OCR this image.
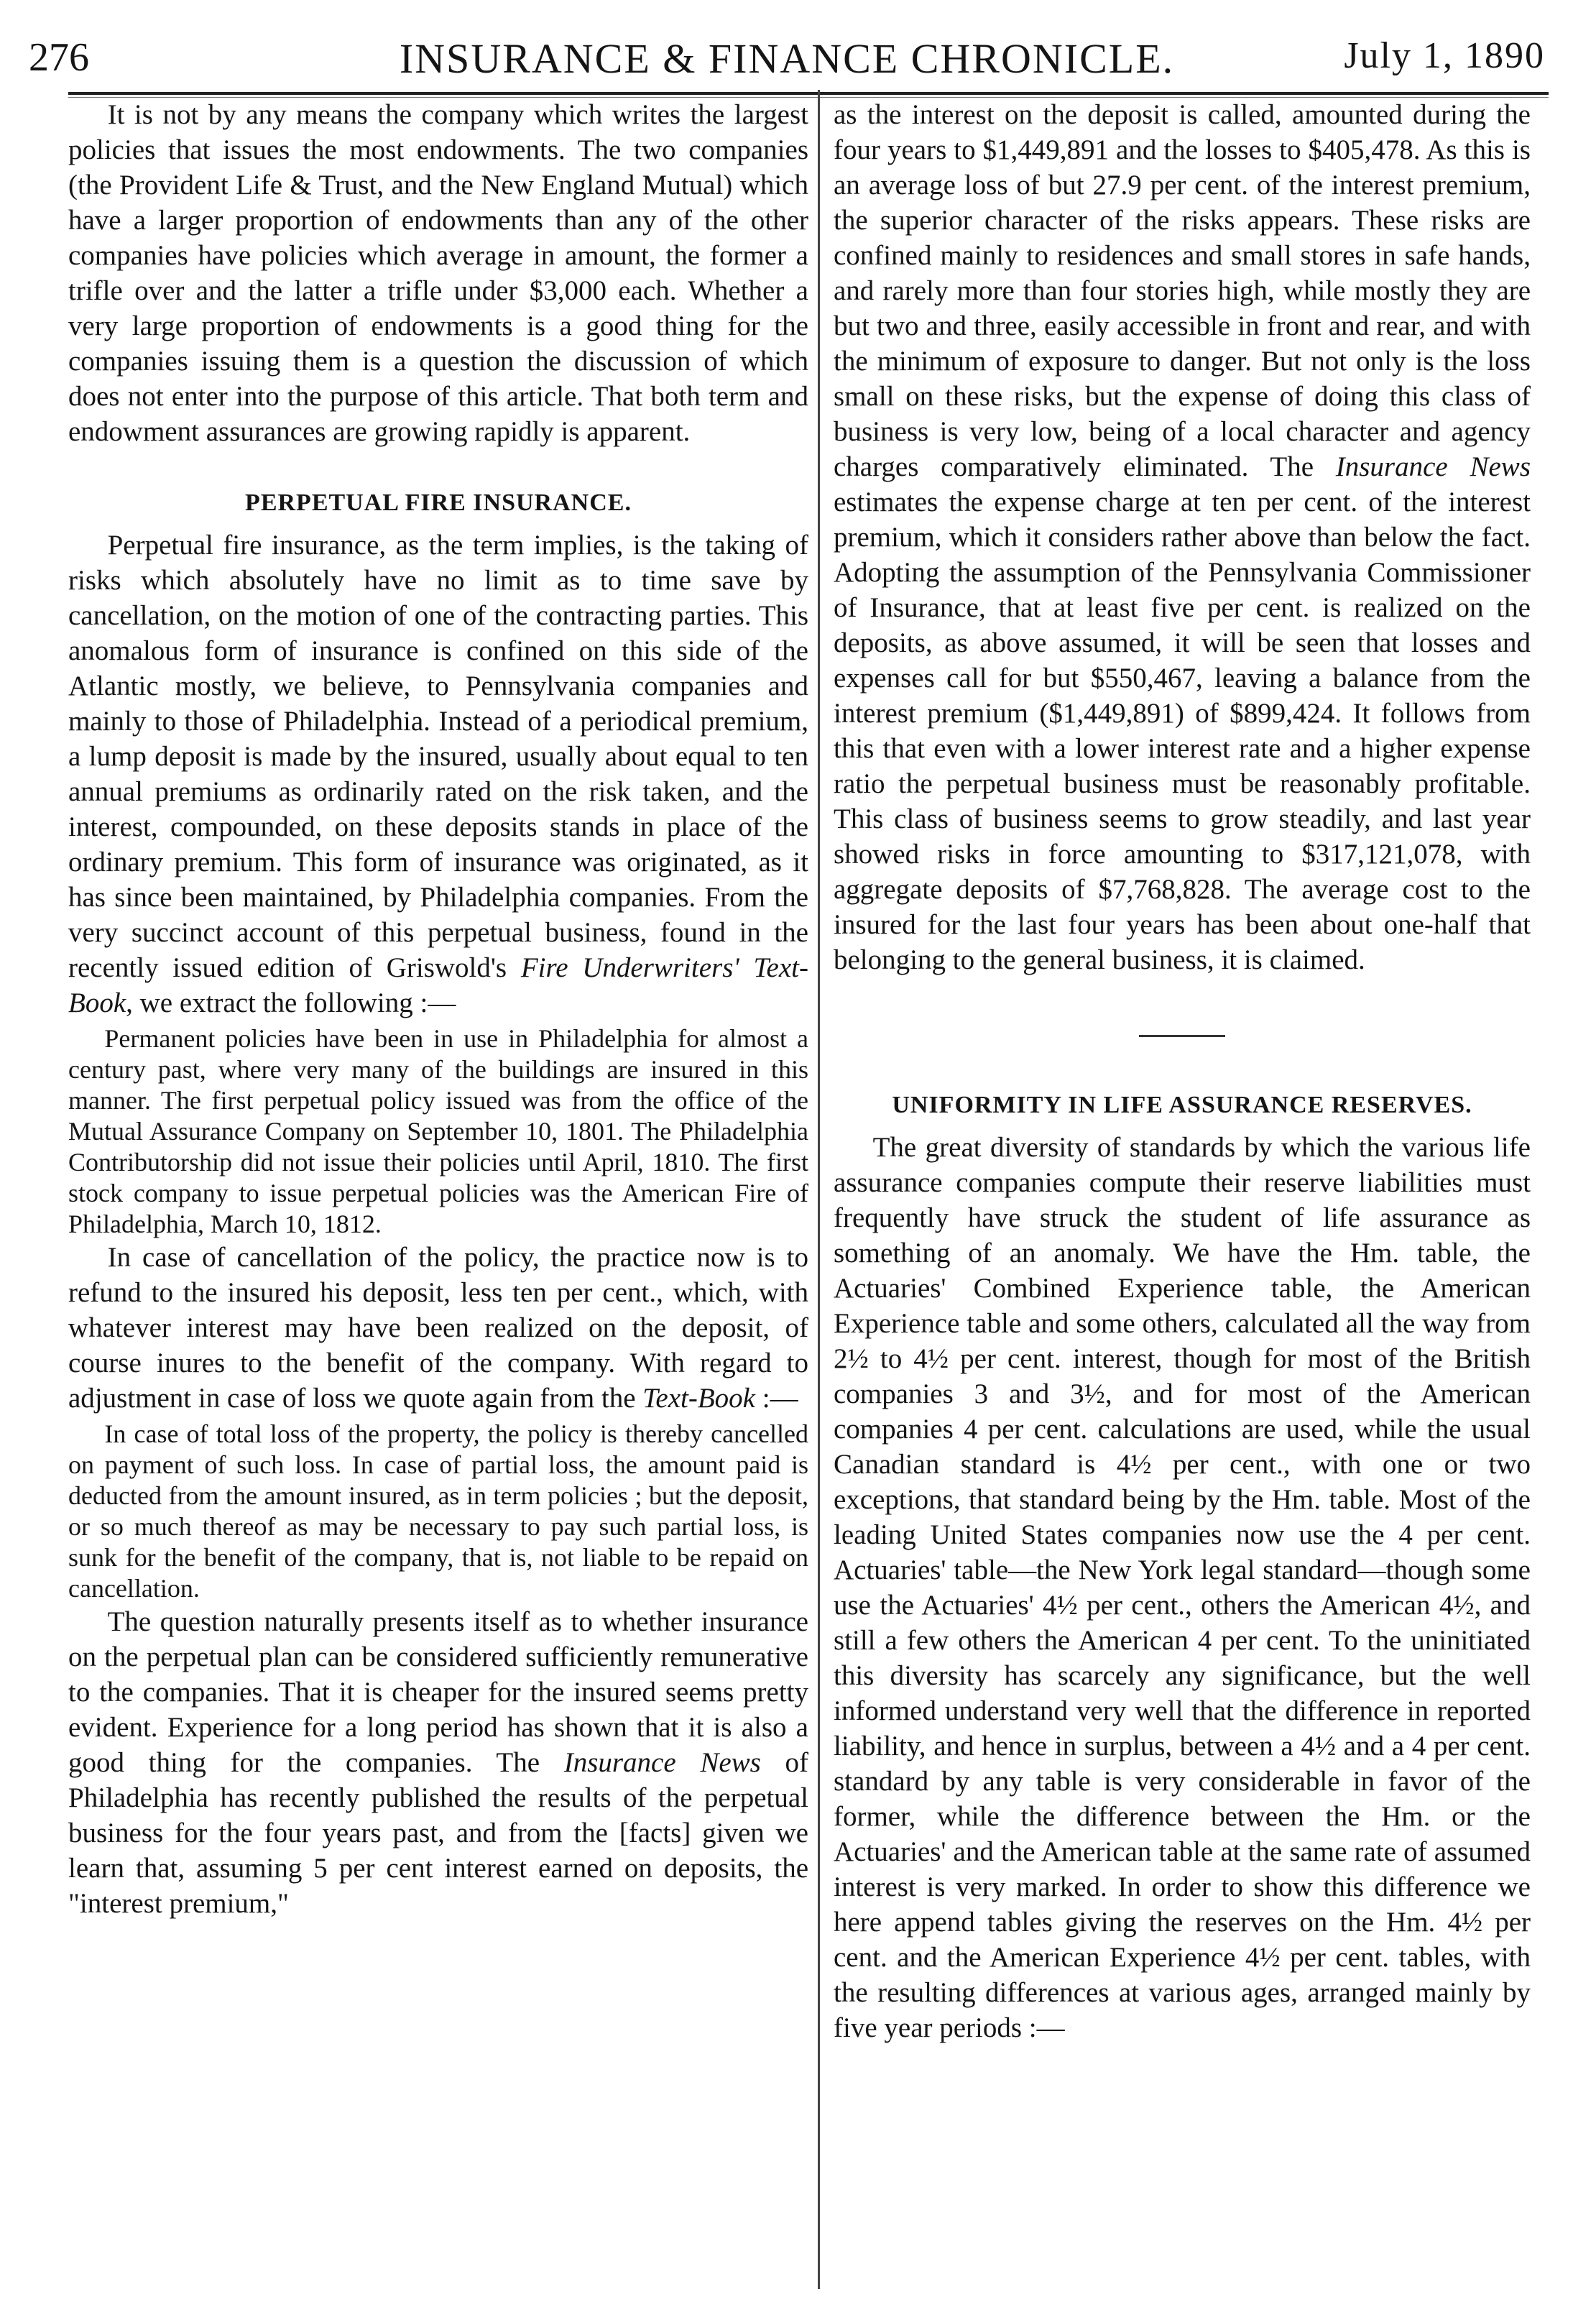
276	INSURANCE & FINANCE CHRONICLE.	July 1, 1890

It is not by any means the company which writes the largest policies that issues the most endowments. The two companies (the Provident Life & Trust, and the New England Mutual) which have a larger proportion of endowments than any of the other companies have policies which average in amount, the former a trifle over and the latter a trifle under $3,000 each. Whether a very large proportion of endowments is a good thing for the companies issuing them is a question the discussion of which does not enter into the purpose of this article. That both term and endowment assurances are growing rapidly is apparent.

PERPETUAL FIRE INSURANCE.

Perpetual fire insurance, as the term implies, is the taking of risks which absolutely have no limit as to time save by cancellation, on the motion of one of the contracting parties. This anomalous form of insurance is confined on this side of the Atlantic mostly, we believe, to Pennsylvania companies and mainly to those of Philadelphia. Instead of a periodical premium, a lump deposit is made by the insured, usually about equal to ten annual premiums as ordinarily rated on the risk taken, and the interest, compounded, on these deposits stands in place of the ordinary premium. This form of insurance was originated, as it has since been maintained, by Philadelphia companies. From the very succinct account of this perpetual business, found in the recently issued edition of Griswold's Fire Underwriters' Text-Book, we extract the following :—

Permanent policies have been in use in Philadelphia for almost a century past, where very many of the buildings are insured in this manner. The first perpetual policy issued was from the office of the Mutual Assurance Company on September 10, 1801. The Philadelphia Contributorship did not issue their policies until April, 1810. The first stock company to issue perpetual policies was the American Fire of Philadelphia, March 10, 1812.

In case of cancellation of the policy, the practice now is to refund to the insured his deposit, less ten per cent., which, with whatever interest may have been realized on the deposit, of course inures to the benefit of the company. With regard to adjustment in case of loss we quote again from the Text-Book :—

In case of total loss of the property, the policy is thereby cancelled on payment of such loss. In case of partial loss, the amount paid is deducted from the amount insured, as in term policies ; but the deposit, or so much thereof as may be necessary to pay such partial loss, is sunk for the benefit of the company, that is, not liable to be repaid on cancellation.

The question naturally presents itself as to whether insurance on the perpetual plan can be considered sufficiently remunerative to the companies. That it is cheaper for the insured seems pretty evident. Experience for a long period has shown that it is also a good thing for the companies. The Insurance News of Philadelphia has recently published the results of the perpetual business for the four years past, and from the [facts] given we learn that, assuming 5 per cent interest earned on deposits, the "interest premium,"

as the interest on the deposit is called, amounted during the four years to $1,449,891 and the losses to $405,478. As this is an average loss of but 27.9 per cent. of the interest premium, the superior character of the risks appears. These risks are confined mainly to residences and small stores in safe hands, and rarely more than four stories high, while mostly they are but two and three, easily accessible in front and rear, and with the minimum of exposure to danger. But not only is the loss small on these risks, but the expense of doing this class of business is very low, being of a local character and agency charges comparatively eliminated. The Insurance News estimates the expense charge at ten per cent. of the interest premium, which it considers rather above than below the fact. Adopting the assumption of the Pennsylvania Commissioner of Insurance, that at least five per cent. is realized on the deposits, as above assumed, it will be seen that losses and expenses call for but $550,467, leaving a balance from the interest premium ($1,449,891) of $899,424. It follows from this that even with a lower interest rate and a higher expense ratio the perpetual business must be reasonably profitable. This class of business seems to grow steadily, and last year showed risks in force amounting to $317,121,078, with aggregate deposits of $7,768,828. The average cost to the insured for the last four years has been about one-half that belonging to the general business, it is claimed.

UNIFORMITY IN LIFE ASSURANCE RESERVES.

The great diversity of standards by which the various life assurance companies compute their reserve liabilities must frequently have struck the student of life assurance as something of an anomaly. We have the Hm. table, the Actuaries' Combined Experience table, the American Experience table and some others, calculated all the way from 2½ to 4½ per cent. interest, though for most of the British companies 3 and 3½, and for most of the American companies 4 per cent. calculations are used, while the usual Canadian standard is 4½ per cent., with one or two exceptions, that standard being by the Hm. table. Most of the leading United States companies now use the 4 per cent. Actuaries' table—the New York legal standard—though some use the Actuaries' 4½ per cent., others the American 4½, and still a few others the American 4 per cent. To the uninitiated this diversity has scarcely any significance, but the well informed understand very well that the difference in reported liability, and hence in surplus, between a 4½ and a 4 per cent. standard by any table is very considerable in favor of the former, while the difference between the Hm. or the Actuaries' and the American table at the same rate of assumed interest is very marked. In order to show this difference we here append tables giving the reserves on the Hm. 4½ per cent. and the American Experience 4½ per cent. tables, with the resulting differences at various ages, arranged mainly by five year periods :—
